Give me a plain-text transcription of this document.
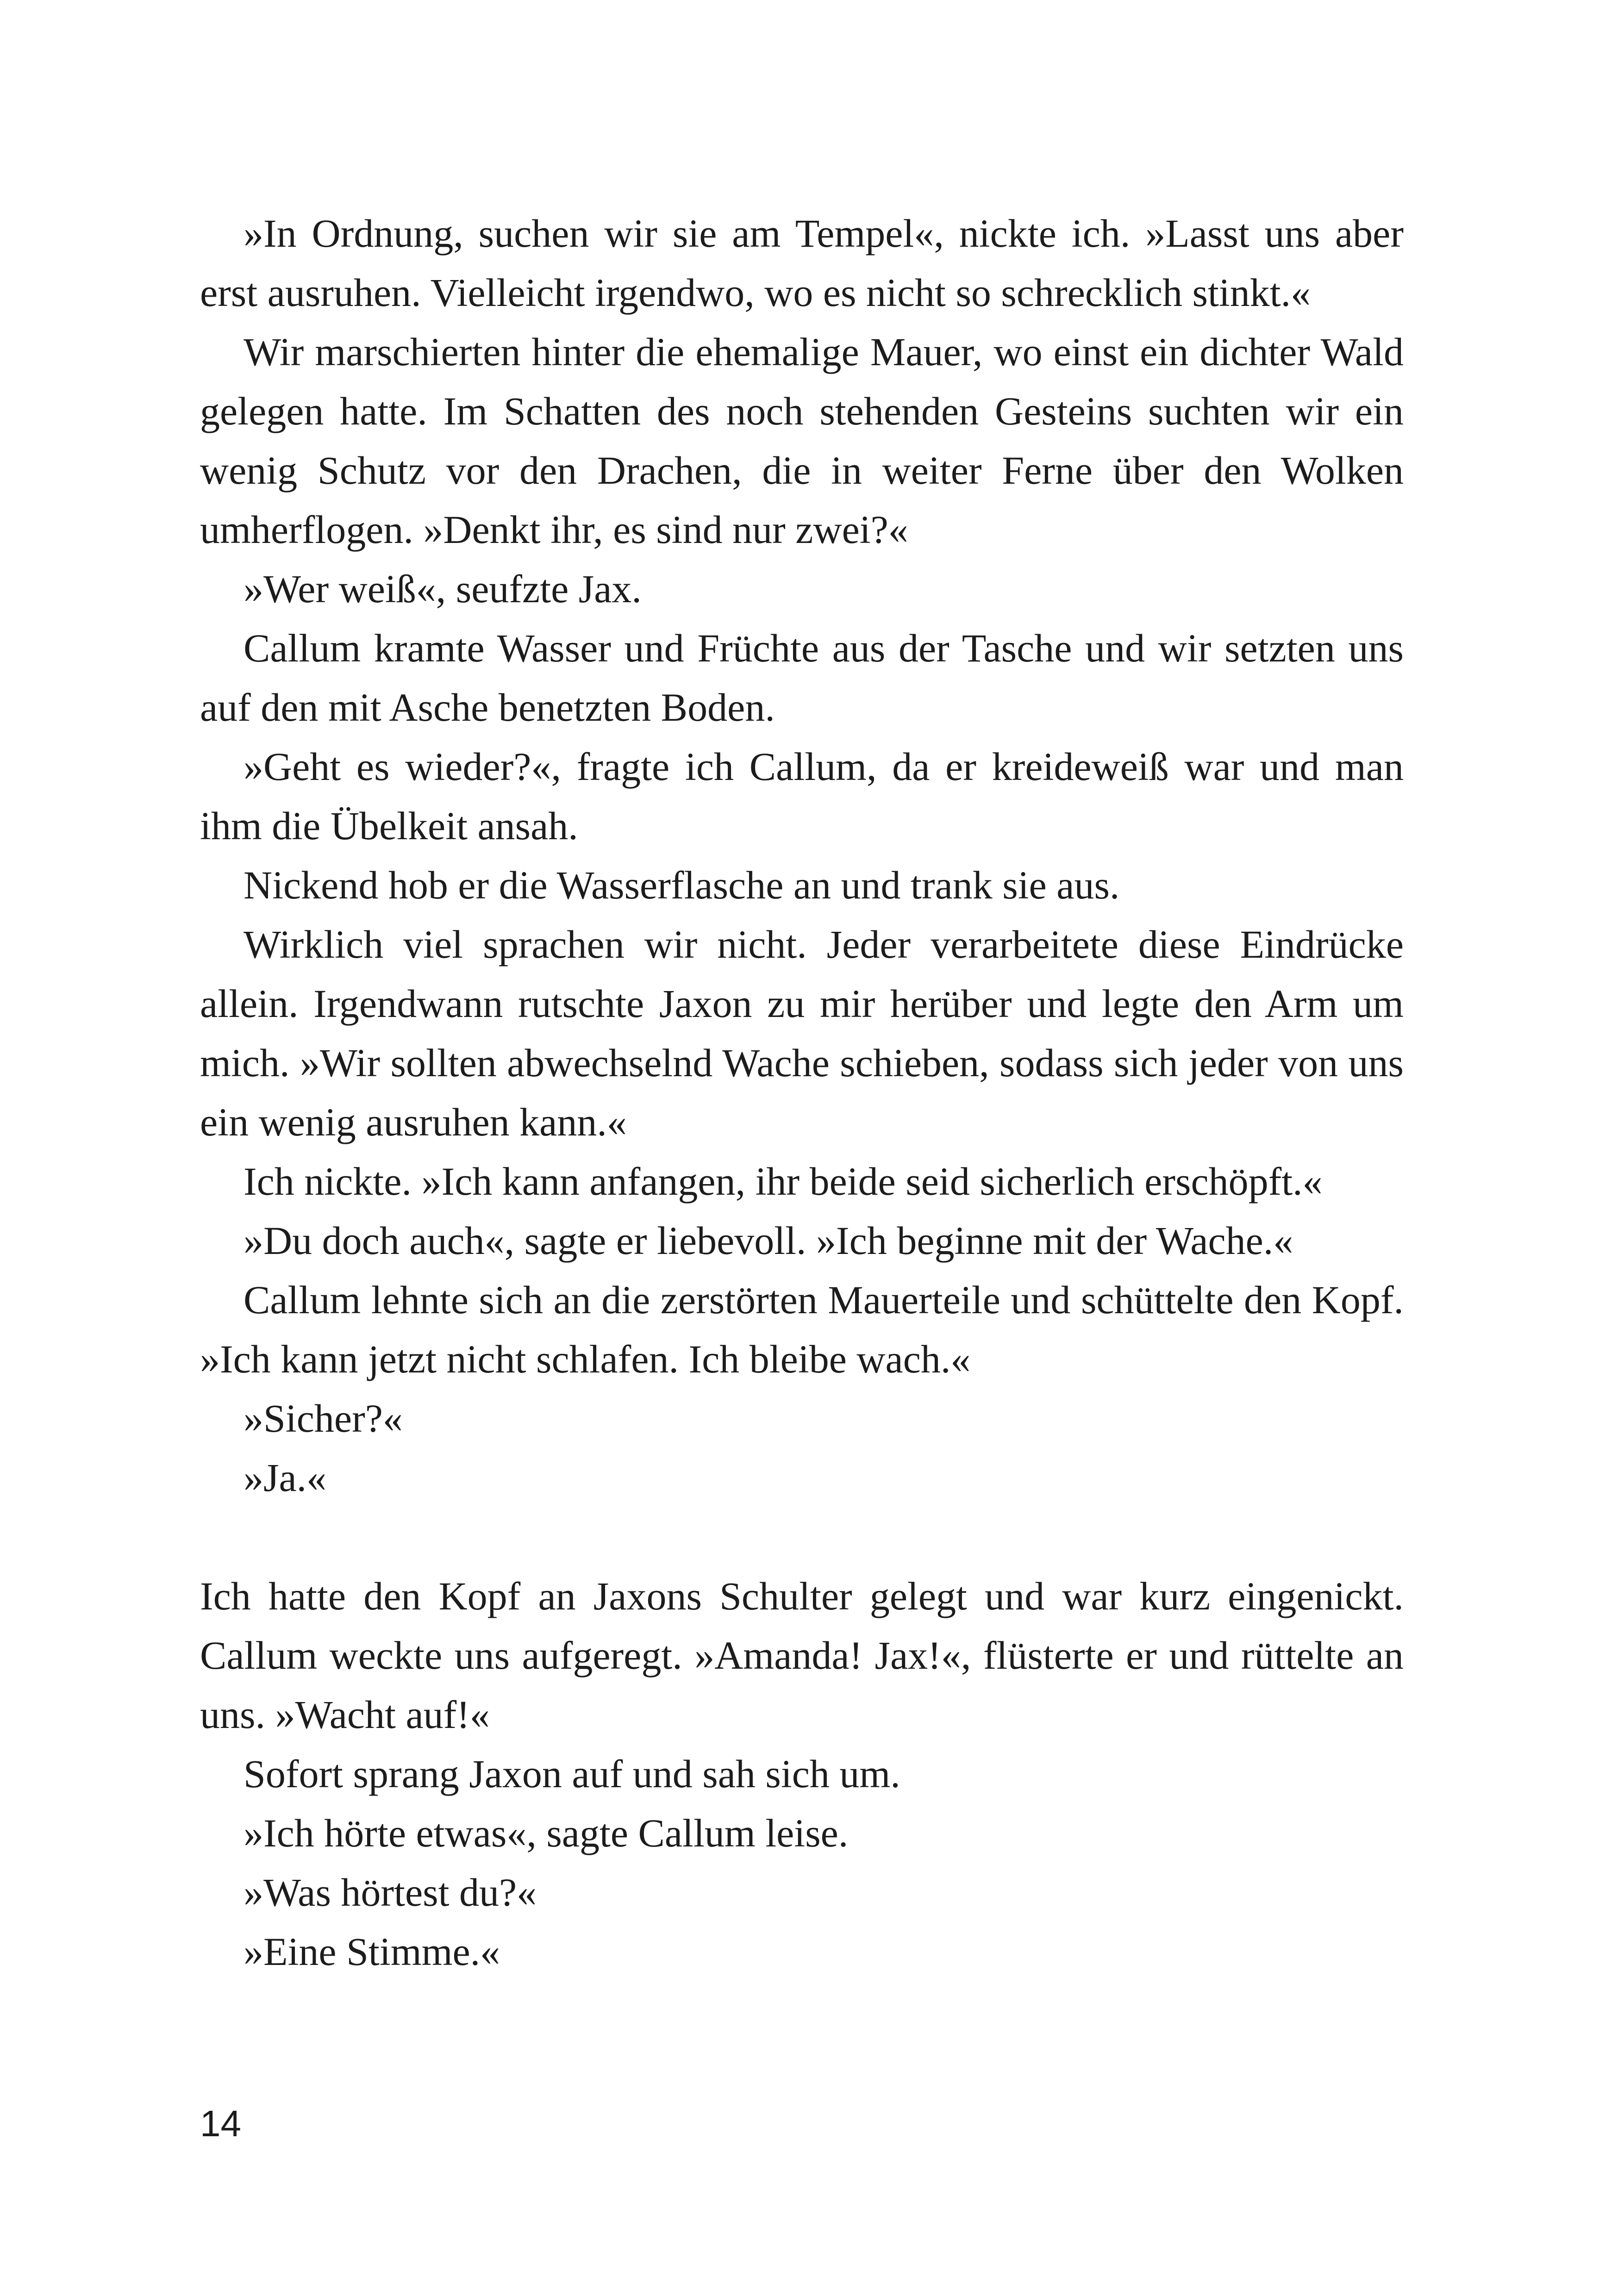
»In Ordnung, suchen wir sie am Tempel«, nickte ich. »Lasst uns aber erst ausruhen. Vielleicht irgendwo, wo es nicht so schrecklich stinkt.«

Wir marschierten hinter die ehemalige Mauer, wo einst ein dichter Wald gelegen hatte. Im Schatten des noch stehenden Gesteins suchten wir ein wenig Schutz vor den Drachen, die in weiter Ferne über den Wolken umherflogen. »Denkt ihr, es sind nur zwei?«

»Wer weiß«, seufzte Jax.

Callum kramte Wasser und Früchte aus der Tasche und wir setzten uns auf den mit Asche benetzten Boden.

»Geht es wieder?«, fragte ich Callum, da er kreideweiß war und man ihm die Übelkeit ansah.

Nickend hob er die Wasserflasche an und trank sie aus.

Wirklich viel sprachen wir nicht. Jeder verarbeitete diese Eindrücke allein. Irgendwann rutschte Jaxon zu mir herüber und legte den Arm um mich. »Wir sollten abwechselnd Wache schieben, sodass sich jeder von uns ein wenig ausruhen kann.«

Ich nickte. »Ich kann anfangen, ihr beide seid sicherlich erschöpft.«

»Du doch auch«, sagte er liebevoll. »Ich beginne mit der Wache.«

Callum lehnte sich an die zerstörten Mauerteile und schüttelte den Kopf. »Ich kann jetzt nicht schlafen. Ich bleibe wach.«

»Sicher?«

»Ja.«

Ich hatte den Kopf an Jaxons Schulter gelegt und war kurz eingenickt. Callum weckte uns aufgeregt. »Amanda! Jax!«, flüsterte er und rüttelte an uns. »Wacht auf!«

Sofort sprang Jaxon auf und sah sich um.

»Ich hörte etwas«, sagte Callum leise.

»Was hörtest du?«

»Eine Stimme.«

14
